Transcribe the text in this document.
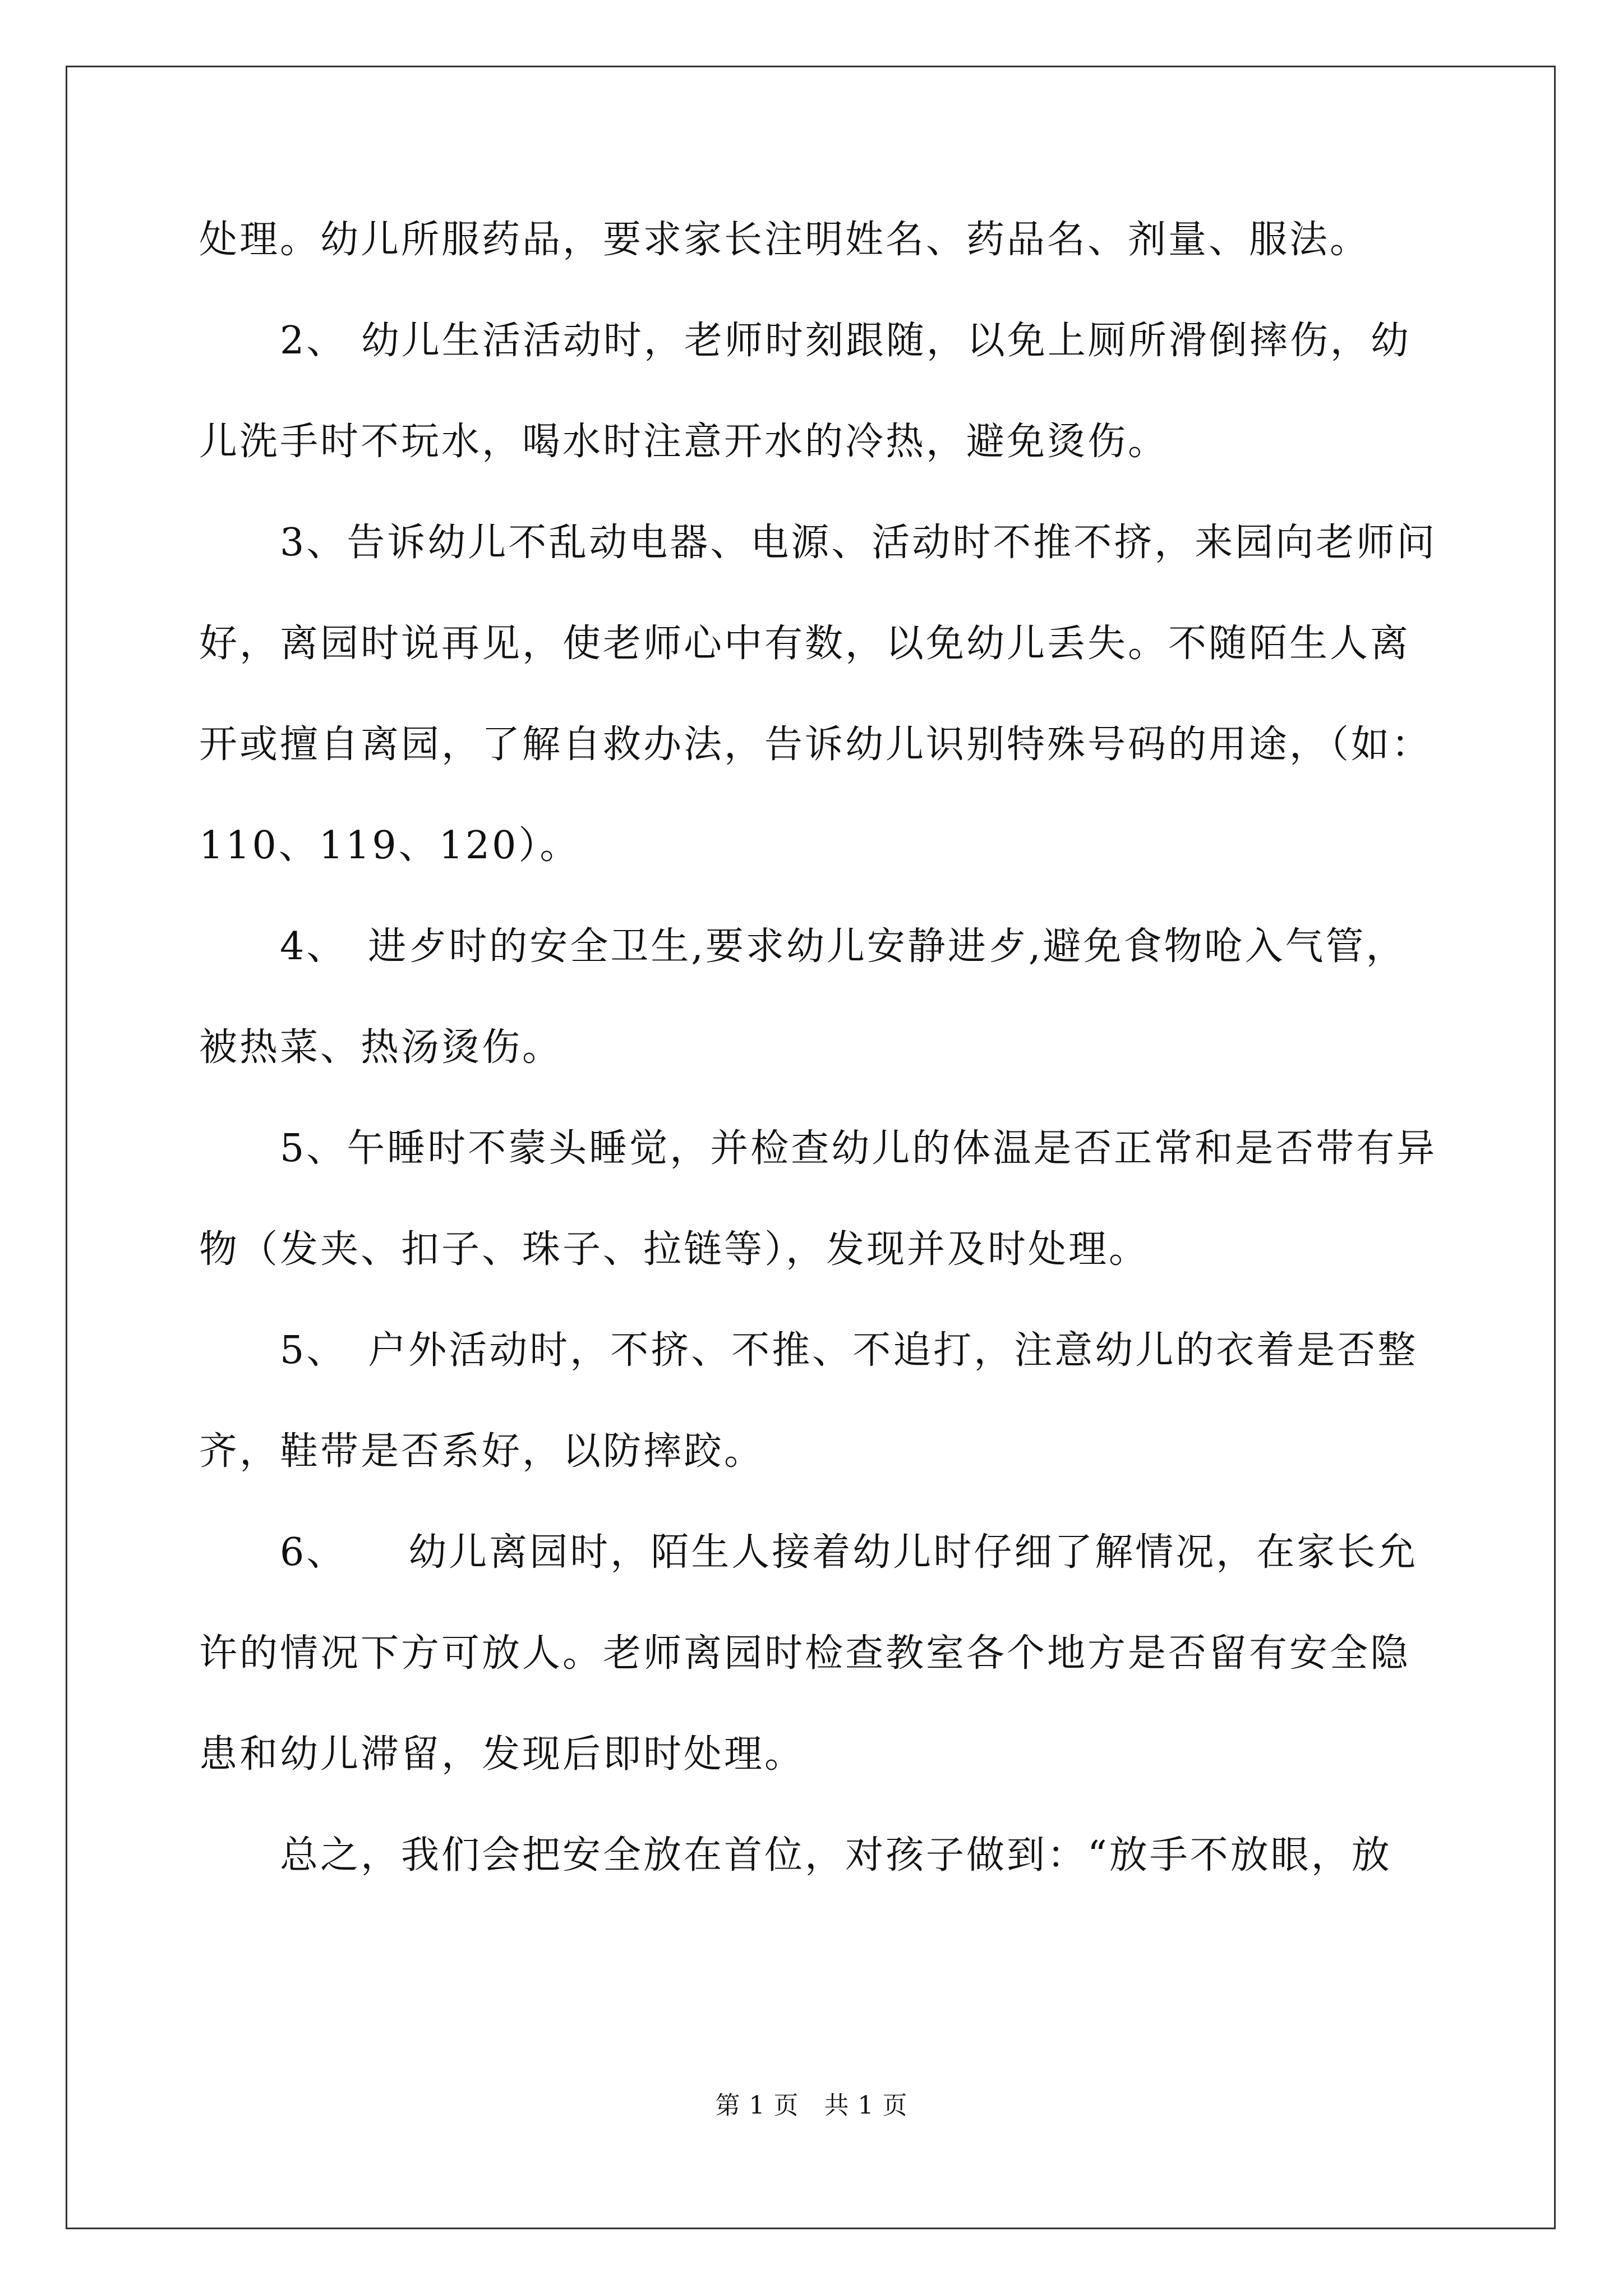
处理。幼儿所服药品，要求家长注明姓名、药品名、剂量、服法。
　　2、 幼儿生活活动时，老师时刻跟随，以免上厕所滑倒摔伤，幼
儿洗手时不玩水，喝水时注意开水的冷热，避免烫伤。
　　3、告诉幼儿不乱动电器、电源、活动时不推不挤，来园向老师问
好，离园时说再见，使老师心中有数，以免幼儿丢失。不随陌生人离
开或擅自离园，了解自救办法，告诉幼儿识别特殊号码的用途，（如：
110、119、120）。
　　4、　进歺时的安全卫生,要求幼儿安静进歺,避免食物呛入气管，
被热菜、热汤烫伤。
　　5、午睡时不蒙头睡觉，并检查幼儿的体温是否正常和是否带有异
物（发夹、扣子、珠子、拉链等），发现并及时处理。
　　5、　户外活动时，不挤、不推、不追打，注意幼儿的衣着是否整
齐，鞋带是否系好，以防摔跤。
　　6、　　幼儿离园时，陌生人接着幼儿时仔细了解情况，在家长允
许的情况下方可放人。老师离园时检查教室各个地方是否留有安全隐
患和幼儿滞留，发现后即时处理。
　　总之，我们会把安全放在首位，对孩子做到：“放手不放眼，放
第 1 页　共 1 页
